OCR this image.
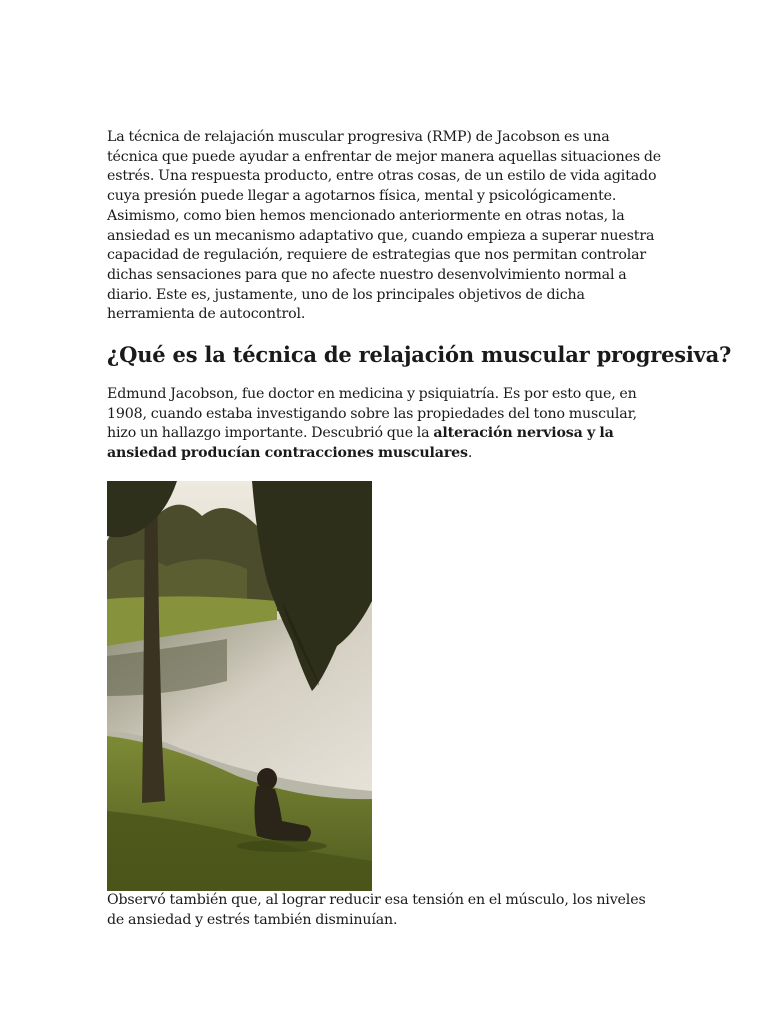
La técnica de relajación muscular progresiva (RMP) de Jacobson es una técnica que puede ayudar a enfrentar de mejor manera aquellas situaciones de estrés. Una respuesta producto, entre otras cosas, de un estilo de vida agitado cuya presión puede llegar a agotarnos física, mental y psicológicamente. Asimismo, como bien hemos mencionado anteriormente en otras notas, la ansiedad es un mecanismo adaptativo que, cuando empieza a superar nuestra capacidad de regulación, requiere de estrategias que nos permitan controlar dichas sensaciones para que no afecte nuestro desenvolvimiento normal a diario. Este es, justamente, uno de los principales objetivos de dicha herramienta de autocontrol.

¿Qué es la técnica de relajación muscular progresiva?

Edmund Jacobson, fue doctor en medicina y psiquiatría. Es por esto que, en 1908, cuando estaba investigando sobre las propiedades del tono muscular, hizo un hallazgo importante. Descubrió que la alteración nerviosa y la ansiedad producían contracciones musculares.

Observó también que, al lograr reducir esa tensión en el músculo, los niveles de ansiedad y estrés también disminuían.
